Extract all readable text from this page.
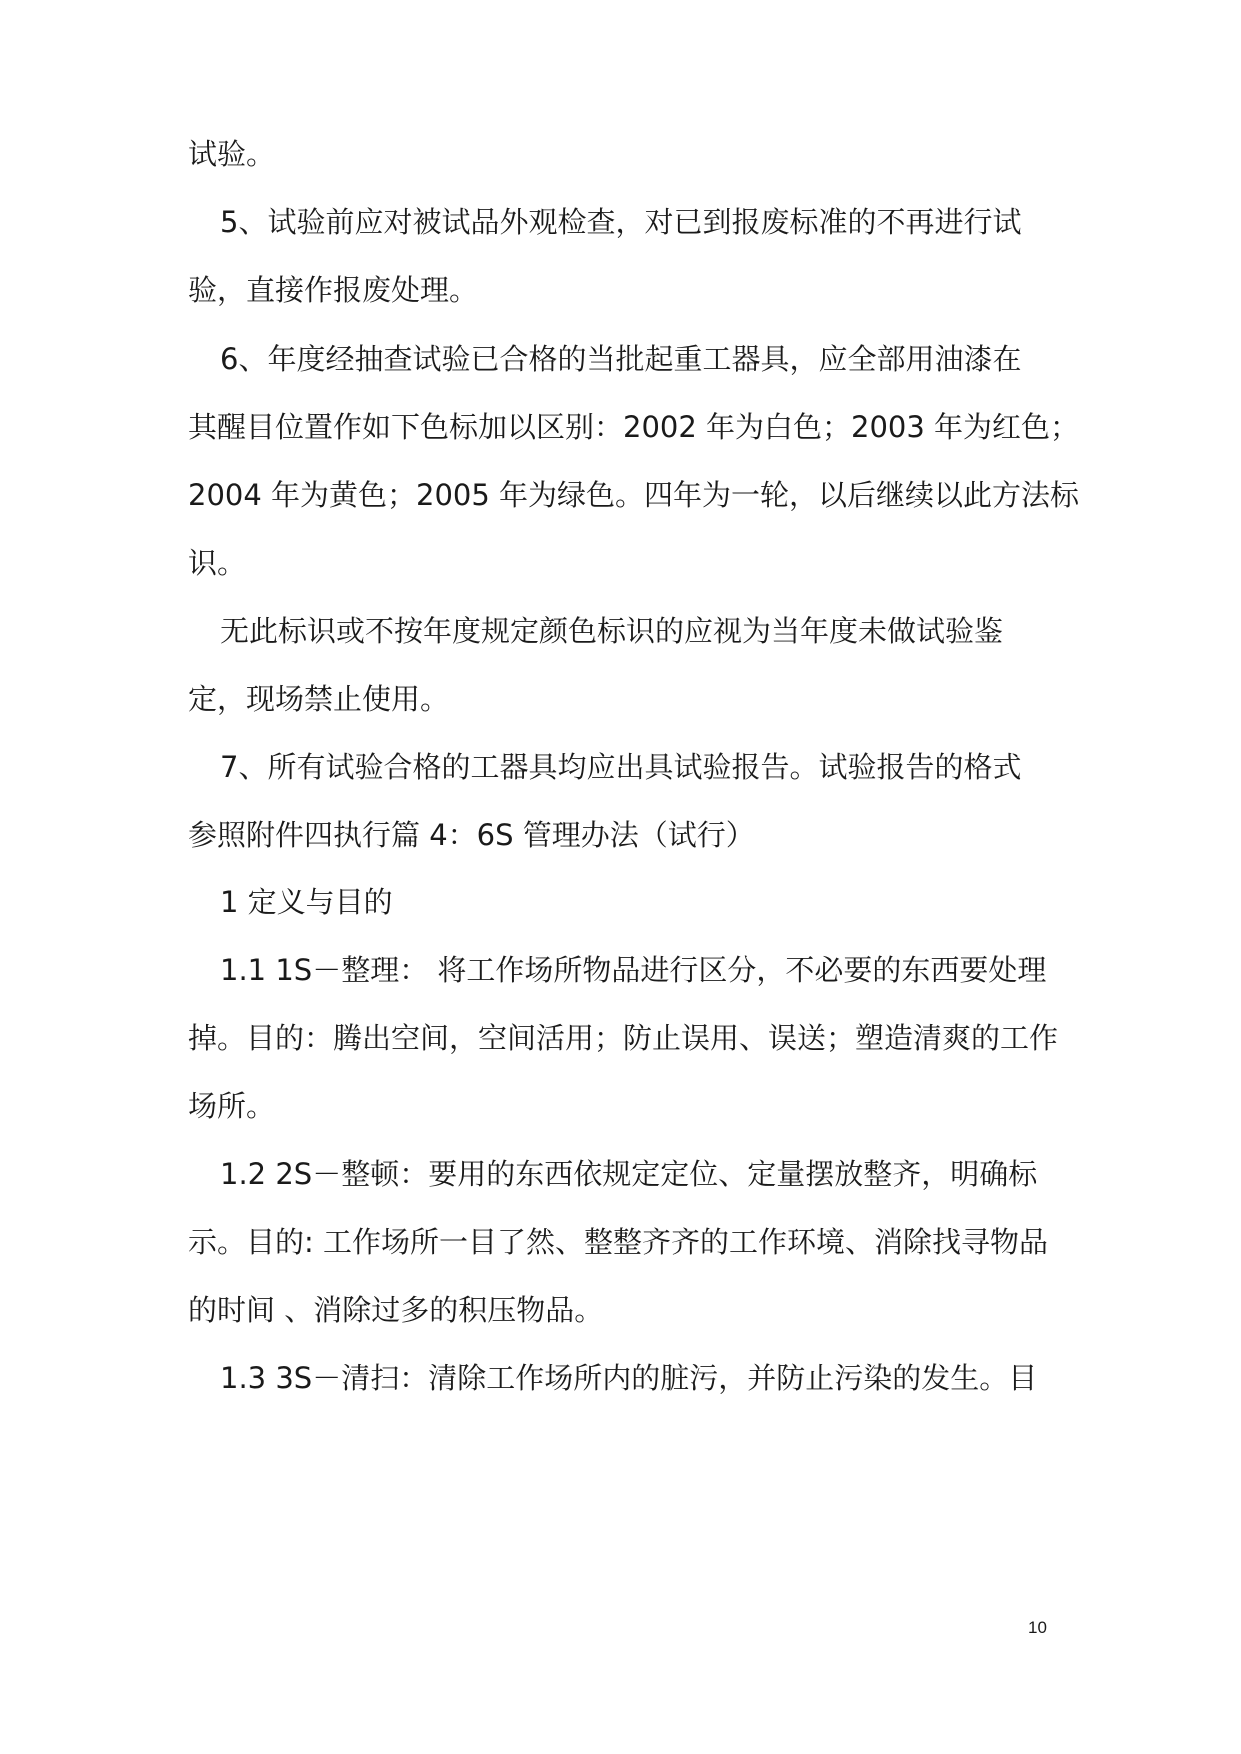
试验。

5、试验前应对被试品外观检查，对已到报废标准的不再进行试

验，直接作报废处理。

6、年度经抽查试验已合格的当批起重工器具，应全部用油漆在

其醒目位置作如下色标加以区别：2002 年为白色；2003 年为红色；

2004 年为黄色；2005 年为绿色。四年为一轮，以后继续以此方法标

识。

无此标识或不按年度规定颜色标识的应视为当年度未做试验鉴

定，现场禁止使用。

7、所有试验合格的工器具均应出具试验报告。试验报告的格式

参照附件四执行篇 4：6S 管理办法（试行）

1 定义与目的

1.1 1S－整理： 将工作场所物品进行区分，不必要的东西要处理

掉。目的：腾出空间，空间活用；防止误用、误送；塑造清爽的工作

场所。

1.2 2S－整顿：要用的东西依规定定位、定量摆放整齐，明确标

示。目的: 工作场所一目了然、整整齐齐的工作环境、消除找寻物品

的时间 、消除过多的积压物品。

1.3 3S－清扫：清除工作场所内的脏污，并防止污染的发生。目

10
